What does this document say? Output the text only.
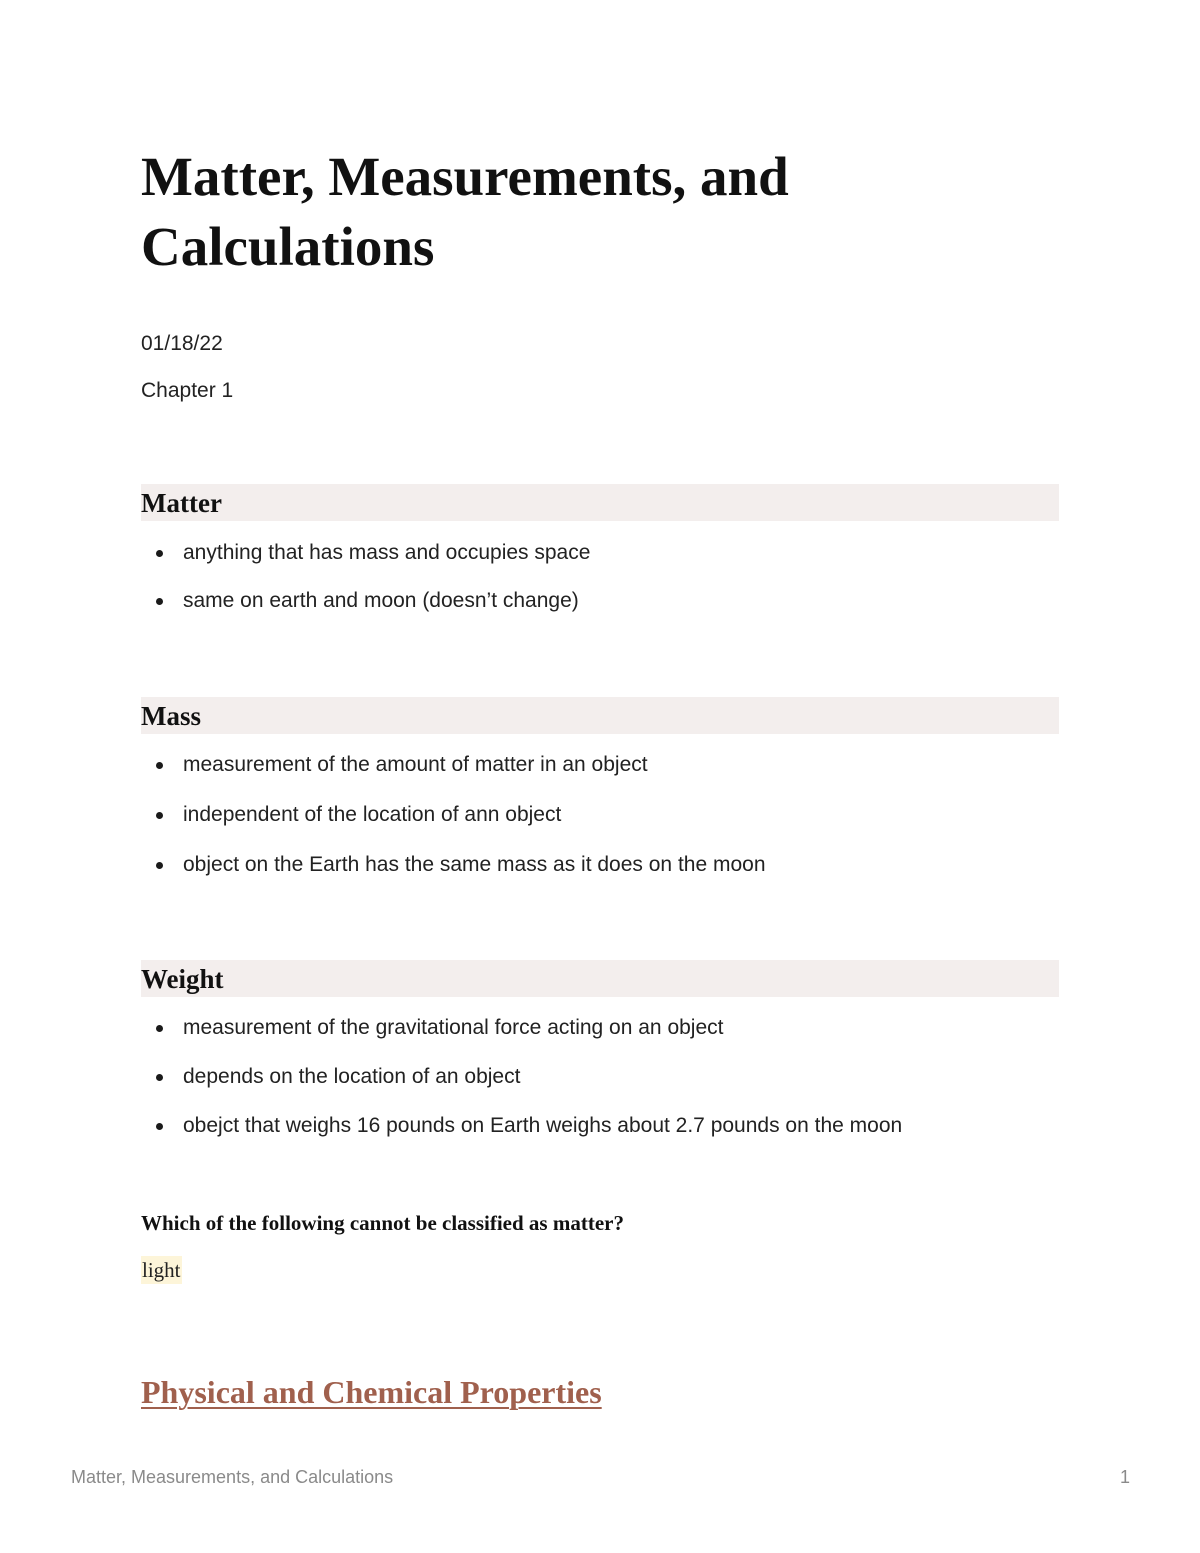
Matter, Measurements, and Calculations

01/18/22

Chapter 1

Matter
anything that has mass and occupies space
same on earth and moon (doesn’t change)
Mass
measurement of the amount of matter in an object
independent of the location of ann object
object on the Earth has the same mass as it does on the moon
Weight
measurement of the gravitational force acting on an object
depends on the location of an object
obejct that weighs 16 pounds on Earth weighs about 2.7 pounds on the moon

Which of the following cannot be classified as matter?

light

Physical and Chemical Properties
Matter, Measurements, and Calculations	1
